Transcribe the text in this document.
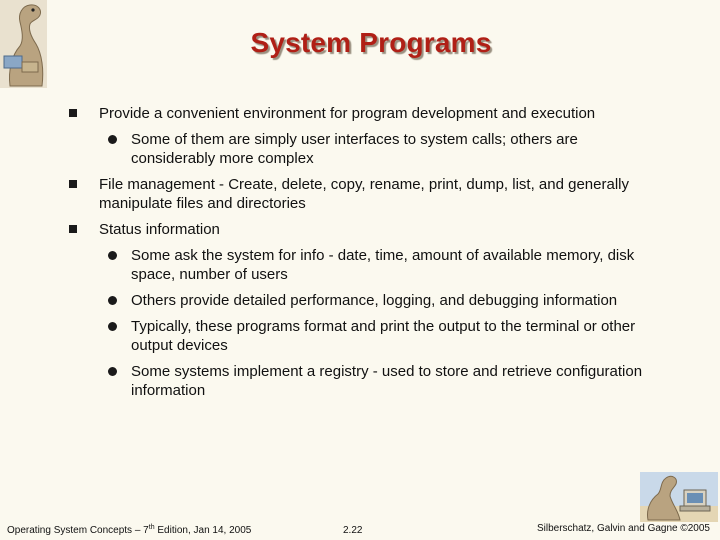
System Programs
Provide a convenient environment for program development and execution
Some of them are simply user interfaces to system calls; others are considerably more complex
File management - Create, delete, copy, rename, print, dump, list, and generally manipulate files and directories
Status information
Some ask the system for info - date, time, amount of available memory, disk space, number of users
Others provide detailed performance, logging, and debugging information
Typically, these programs format and print the output to the terminal or other output devices
Some systems implement a registry - used to store and retrieve configuration information
Operating System Concepts – 7th Edition, Jan 14, 2005	2.22	Silberschatz, Galvin and Gagne ©2005
